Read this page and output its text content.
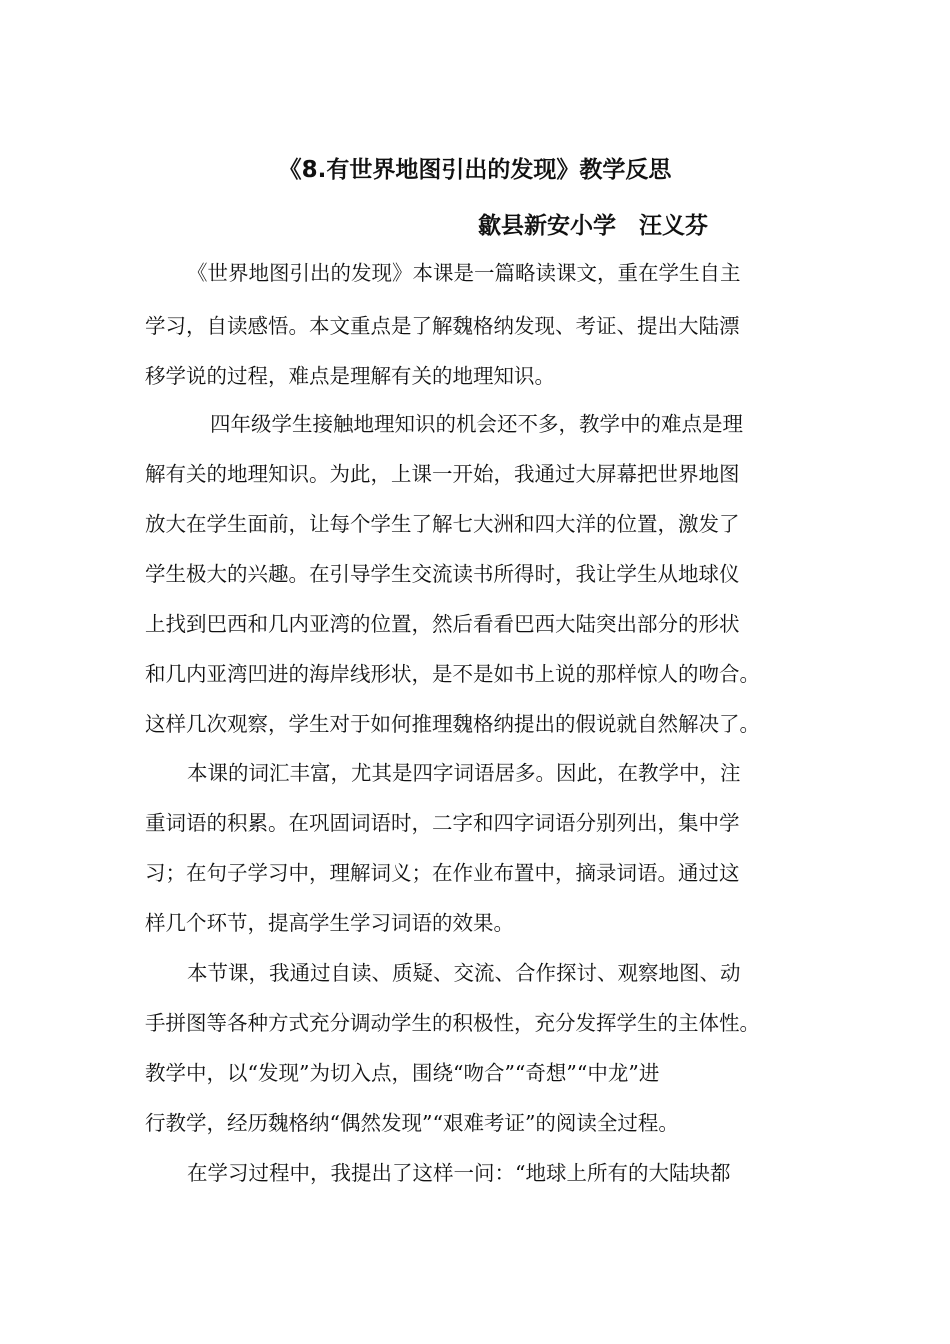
《8.有世界地图引出的发现》教学反思
歙县新安小学　汪义芬
《世界地图引出的发现》本课是一篇略读课文，重在学生自主
学习，自读感悟。本文重点是了解魏格纳发现、考证、提出大陆漂
移学说的过程，难点是理解有关的地理知识。
四年级学生接触地理知识的机会还不多，教学中的难点是理
解有关的地理知识。为此，上课一开始，我通过大屏幕把世界地图
放大在学生面前，让每个学生了解七大洲和四大洋的位置，激发了
学生极大的兴趣。在引导学生交流读书所得时，我让学生从地球仪
上找到巴西和几内亚湾的位置，然后看看巴西大陆突出部分的形状
和几内亚湾凹进的海岸线形状，是不是如书上说的那样惊人的吻合。
这样几次观察，学生对于如何推理魏格纳提出的假说就自然解决了。
本课的词汇丰富，尤其是四字词语居多。因此，在教学中，注
重词语的积累。在巩固词语时，二字和四字词语分别列出，集中学
习；在句子学习中，理解词义；在作业布置中，摘录词语。通过这
样几个环节，提高学生学习词语的效果。
本节课，我通过自读、质疑、交流、合作探讨、观察地图、动
手拼图等各种方式充分调动学生的积极性，充分发挥学生的主体性。
教学中，以“发现”为切入点，围绕“吻合”“奇想”“中龙”进
行教学，经历魏格纳“偶然发现”“艰难考证”的阅读全过程。
在学习过程中，我提出了这样一问：“地球上所有的大陆块都
